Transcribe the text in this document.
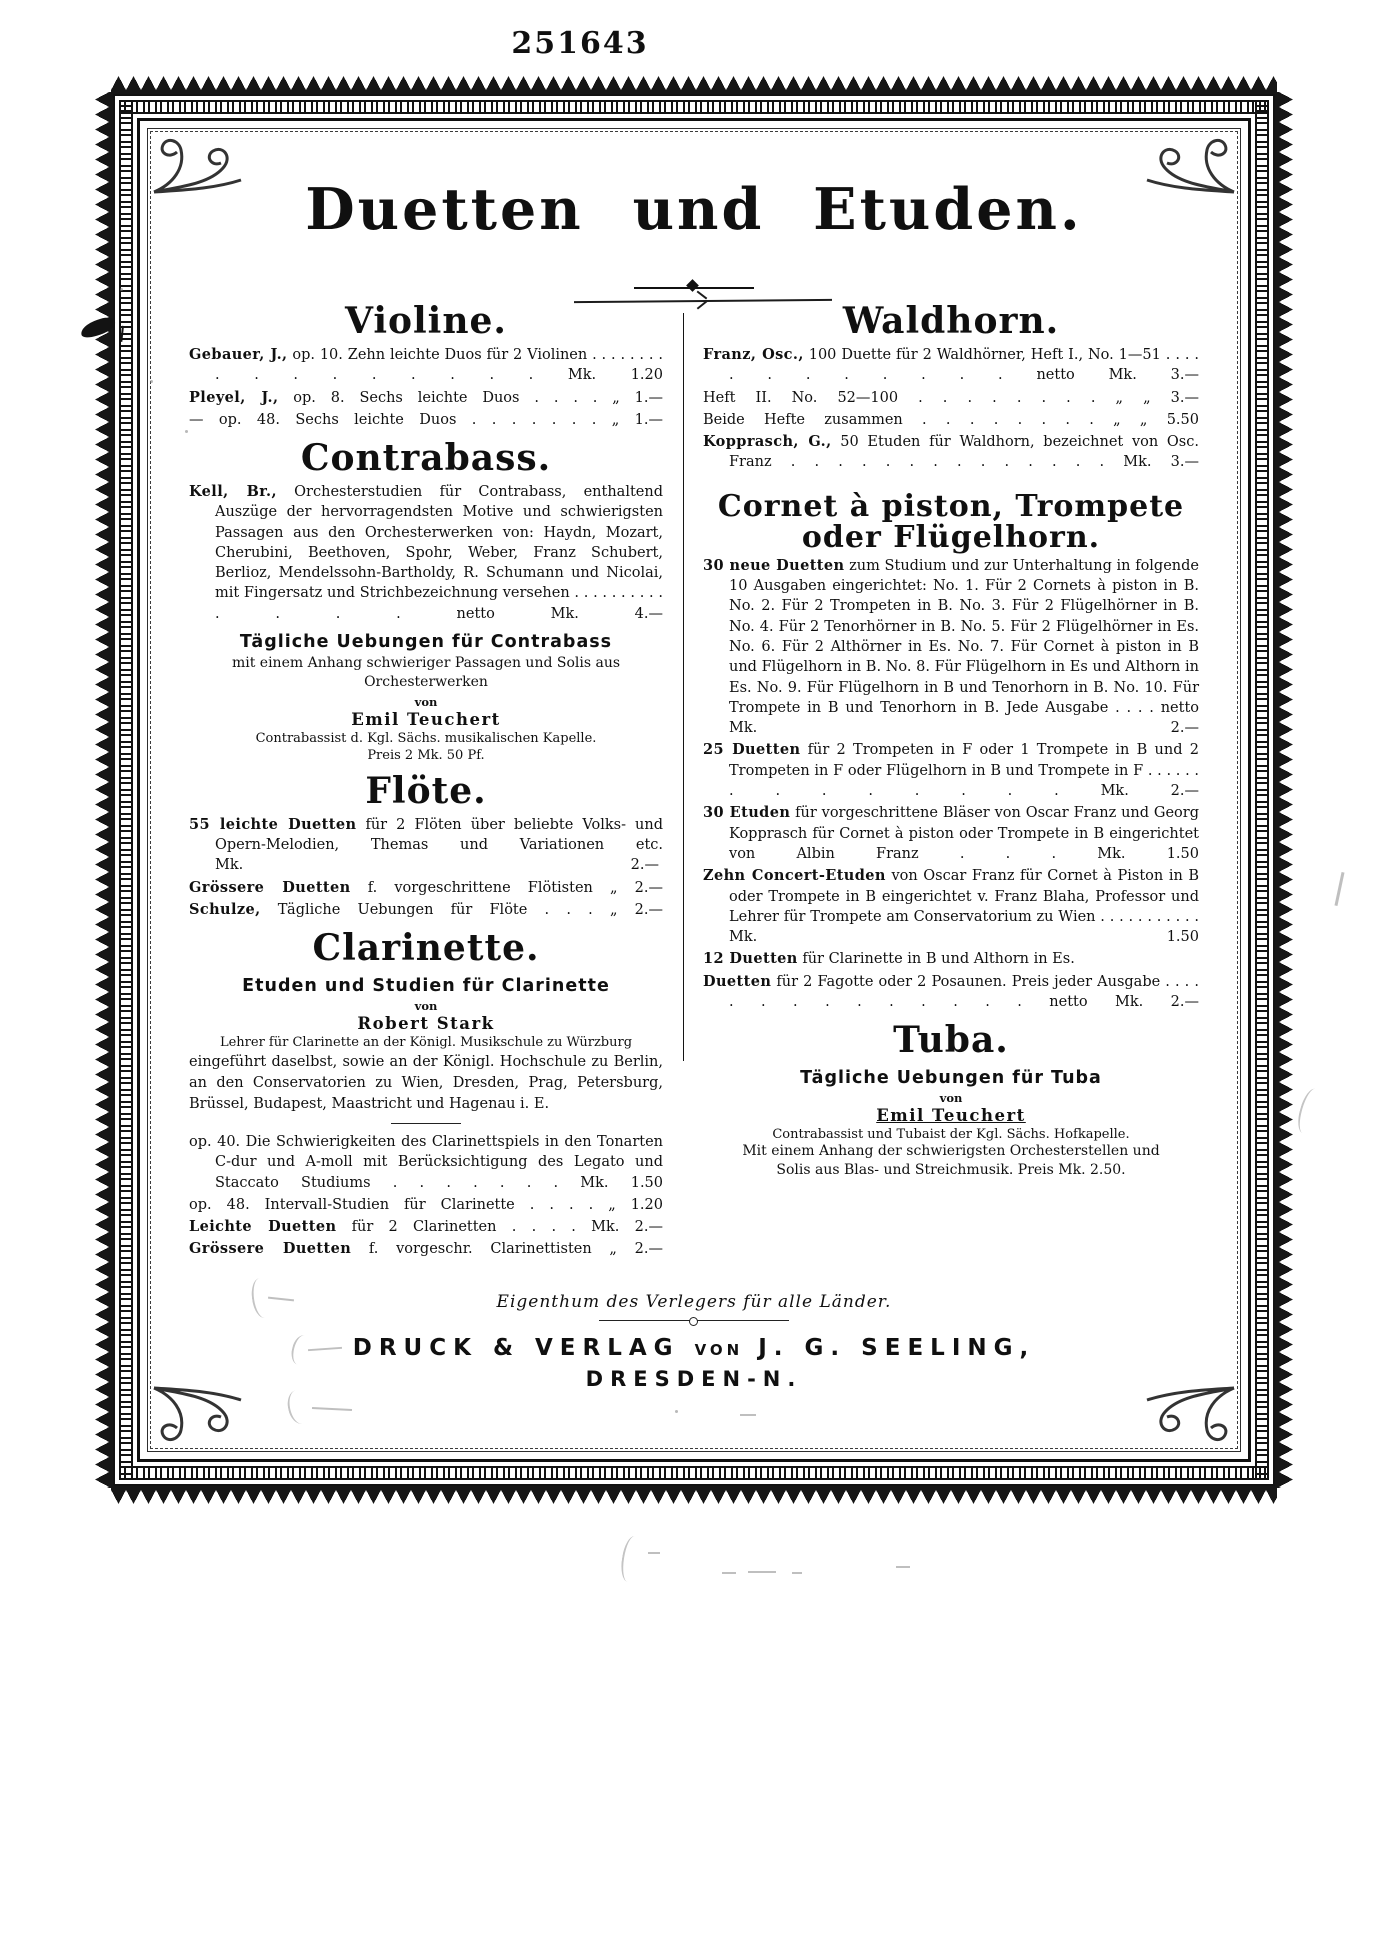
251643
Duetten und Etuden.
Violine.

Gebauer, J., op. 10. Zehn leichte Duos für 2 Violinen . . . . . . . . . . . . . . . . . Mk. 1.20

Pleyel, J., op. 8. Sechs leichte Duos . . . . „ 1.—

— op. 48. Sechs leichte Duos . . . . . . . „ 1.—

Contrabass.

Kell, Br., Orchesterstudien für Contrabass, enthaltend Auszüge der hervorragendsten Motive und schwierigsten Passagen aus den Orchesterwerken von: Haydn, Mozart, Cherubini, Beethoven, Spohr, Weber, Franz Schubert, Berlioz, Mendelssohn-Bartholdy, R. Schumann und Nicolai, mit Fingersatz und Strichbezeichnung versehen . . . . . . . . . . . . . . netto Mk. 4.—

Tägliche Uebungen für Contrabass
mit einem Anhang schwieriger Passagen und Solis aus
Orchesterwerken
von
Emil Teuchert
Contrabassist d. Kgl. Sächs. musikalischen Kapelle.
Preis 2 Mk. 50 Pf.
Flöte.

55 leichte Duetten für 2 Flöten über beliebte Volks- und Opern-Melodien, Themas und Variationen etc.
Mk. 2.—

Grössere Duetten f. vorgeschrittene Flötisten „ 2.—

Schulze, Tägliche Uebungen für Flöte . . . „ 2.—

Clarinette.
Etuden und Studien für Clarinette
von
Robert Stark
Lehrer für Clarinette an der Königl. Musikschule zu Würzburg

eingeführt daselbst, sowie an der Königl. Hochschule zu Berlin, an den Conservatorien zu Wien, Dresden, Prag, Petersburg, Brüssel, Budapest, Maastricht und Hagenau i. E.

op. 40. Die Schwierigkeiten des Clarinettspiels in den Tonarten C-dur und A-moll mit Berücksichtigung des Legato und Staccato Studiums . . . . . . . Mk. 1.50

op. 48. Intervall-Studien für Clarinette . . . . „ 1.20

Leichte Duetten für 2 Clarinetten . . . . Mk. 2.—

Grössere Duetten f. vorgeschr. Clarinettisten „ 2.—

Waldhorn.

Franz, Osc., 100 Duette für 2 Waldhörner, Heft I., No. 1—51 . . . . . . . . . . . . netto Mk. 3.—

Heft II. No. 52—100 . . . . . . . . „ „ 3.—

Beide Hefte zusammen . . . . . . . . „ „ 5.50

Kopprasch, G., 50 Etuden für Waldhorn, bezeichnet von Osc. Franz . . . . . . . . . . . . . . Mk. 3.—

Cornet à piston, Trompete
oder Flügelhorn.

30 neue Duetten zum Studium und zur Unterhaltung in folgende 10 Ausgaben eingerichtet: No. 1. Für 2 Cornets à piston in B. No. 2. Für 2 Trompeten in B. No. 3. Für 2 Flügelhörner in B. No. 4. Für 2 Tenorhörner in B. No. 5. Für 2 Flügelhörner in Es. No. 6. Für 2 Althörner in Es. No. 7. Für Cornet à piston in B und Flügelhorn in B. No. 8. Für Flügelhorn in Es und Althorn in Es. No. 9. Für Flügelhorn in B und Tenorhorn in B. No. 10. Für Trompete in B und Tenorhorn in B. Jede Ausgabe . . . . netto Mk. 2.—

25 Duetten für 2 Trompeten in F oder 1 Trompete in B und 2 Trompeten in F oder Flügelhorn in B und Trompete in F . . . . . . . . . . . . . . Mk. 2.—

30 Etuden für vorgeschrittene Bläser von Oscar Franz und Georg Kopprasch für Cornet à piston oder Trompete in B eingerichtet von Albin Franz . . . Mk. 1.50

Zehn Concert-Etuden von Oscar Franz für Cornet à Piston in B oder Trompete in B eingerichtet v. Franz Blaha, Professor und Lehrer für Trompete am Conservatorium zu Wien . . . . . . . . . . . Mk. 1.50

12 Duetten für Clarinette in B und Althorn in Es.

Duetten für 2 Fagotte oder 2 Posaunen. Preis jeder Ausgabe . . . . . . . . . . . . . . netto Mk. 2.—

Tuba.
Tägliche Uebungen für Tuba
von
Emil Teuchert
Contrabassist und Tubaist der Kgl. Sächs. Hofkapelle.
Mit einem Anhang der schwierigsten Orchesterstellen und
Solis aus Blas- und Streichmusik. Preis Mk. 2.50.
Eigenthum des Verlegers für alle Länder.
DRUCK & VERLAG VON J. G. SEELING,
DRESDEN-N.
